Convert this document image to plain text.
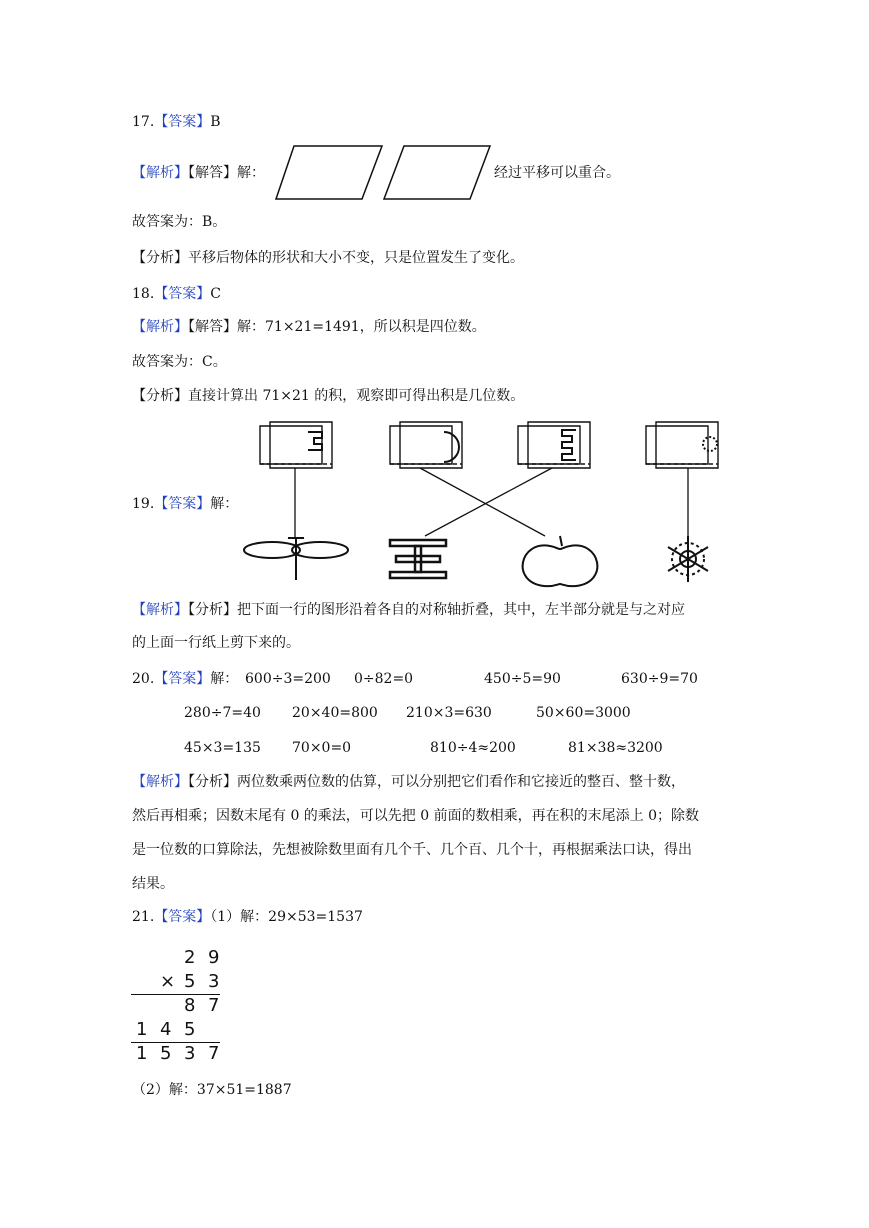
17.【答案】B
【解析】【解答】解：	经过平移可以重合。
故答案为：B。
【分析】平移后物体的形状和大小不变，只是位置发生了变化。
18.【答案】C
【解析】【解答】解：71×21=1491，所以积是四位数。
故答案为：C。
【分析】直接计算出 71×21 的积，观察即可得出积是几位数。
19.【答案】解：
【解析】【分析】把下面一行的图形沿着各自的对称轴折叠，其中，左半部分就是与之对应
的上面一行纸上剪下来的。
20.【答案】解： 600÷3=200 0÷82=0	450÷5=90	630÷9=70
280÷7=40 20×40=800 210×3=630	50×60=3000
45×3=135 70×0=0	810÷4≈200	81×38≈3200
【解析】【分析】两位数乘两位数的估算，可以分别把它们看作和它接近的整百、整十数，
然后再相乘；因数末尾有 0 的乘法，可以先把 0 前面的数相乘，再在积的末尾添上 0；除数
是一位数的口算除法，先想被除数里面有几个千、几个百、几个十，再根据乘法口诀，得出
结果。
21.【答案】（1）解：29×53=1537
2 9
× 5 3
8 7
1 4 5
1 5 3 7
（2）解：37×51=1887
